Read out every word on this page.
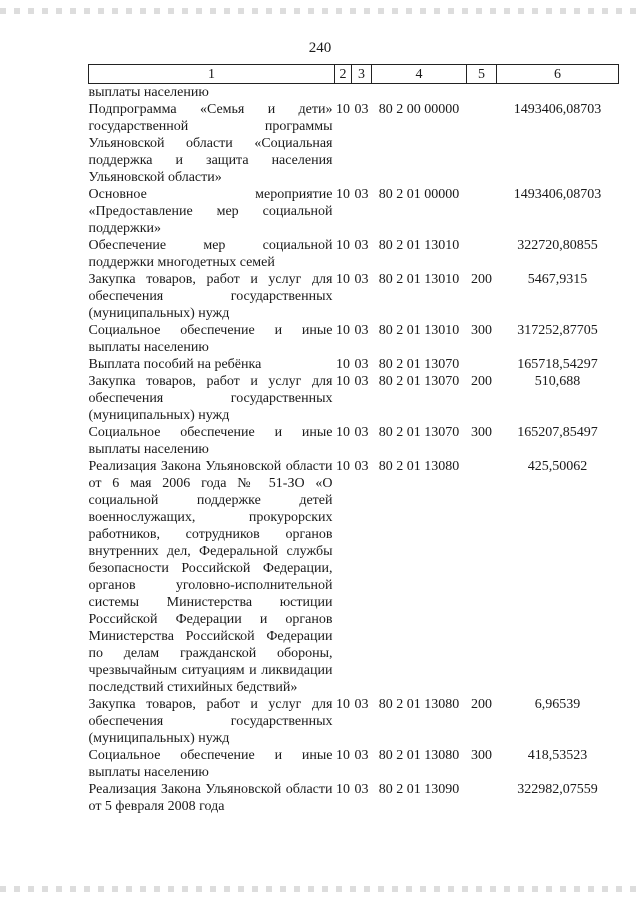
240
1	2	3	4	5	6
выплаты населению					
Подпрограмма «Семья и дети» государственной программы Ульяновской области «Социальная поддержка и защита населения Ульяновской области»	10	03	80 2 00 00000		1493406,08703
Основное мероприятие «Предоставление мер социальной поддержки»	10	03	80 2 01 00000		1493406,08703
Обеспечение мер социальной поддержки многодетных семей	10	03	80 2 01 13010		322720,80855
Закупка товаров, работ и услуг для обеспечения государственных (муниципальных) нужд	10	03	80 2 01 13010	200	5467,9315
Социальное обеспечение и иные выплаты населению	10	03	80 2 01 13010	300	317252,87705
Выплата пособий на ребёнка	10	03	80 2 01 13070		165718,54297
Закупка товаров, работ и услуг для обеспечения государственных (муниципальных) нужд	10	03	80 2 01 13070	200	510,688
Социальное обеспечение и иные выплаты населению	10	03	80 2 01 13070	300	165207,85497
Реализация Закона Ульяновской области от 6 мая 2006 года № 51-ЗО «О социальной поддержке детей военнослужащих, прокурорских работников, сотрудников органов внутренних дел, Федеральной службы безопасности Российской Федерации, органов уголовно-исполнительной системы Министерства юстиции Российской Федерации и органов Министерства Российской Федерации по делам гражданской обороны, чрезвычайным ситуациям и ликвидации последствий стихийных бедствий»	10	03	80 2 01 13080		425,50062
Закупка товаров, работ и услуг для обеспечения государственных (муниципальных) нужд	10	03	80 2 01 13080	200	6,96539
Социальное обеспечение и иные выплаты населению	10	03	80 2 01 13080	300	418,53523
Реализация Закона Ульяновской области от 5 февраля 2008 года	10	03	80 2 01 13090		322982,07559
